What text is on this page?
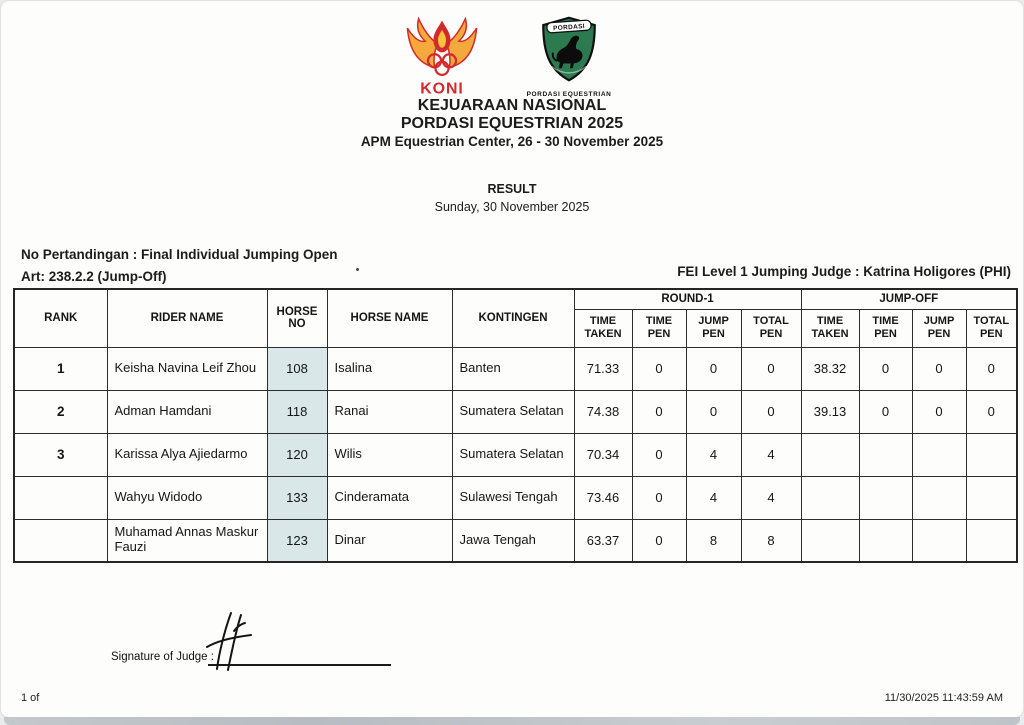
KONI
PORDASI
PORDASI EQUESTRIAN
KEJUARAAN NASIONAL
PORDASI EQUESTRIAN 2025
APM Equestrian Center, 26 - 30 November 2025
RESULT
Sunday, 30 November 2025
No Pertandingan : Final Individual Jumping Open
Art: 238.2.2 (Jump-Off)	FEI Level 1 Jumping Judge : Katrina Holigores (PHI)
RANK	RIDER NAME	HORSE NO	HORSE NAME	KONTINGEN	ROUND-1				JUMP-OFF			
					TIME TAKEN	TIME PEN	JUMP PEN	TOTAL PEN	TIME TAKEN	TIME PEN	JUMP PEN	TOTAL PEN
1	Keisha Navina Leif Zhou	108	Isalina	Banten	71.33	0	0	0	38.32	0	0	0
2	Adman Hamdani	118	Ranai	Sumatera Selatan	74.38	0	0	0	39.13	0	0	0
3	Karissa Alya Ajiedarmo	120	Wilis	Sumatera Selatan	70.34	0	4	4				
	Wahyu Widodo	133	Cinderamata	Sulawesi Tengah	73.46	0	4	4				
	Muhamad Annas Maskur Fauzi	123	Dinar	Jawa Tengah	63.37	0	8	8				
Signature of Judge :
1 of	11/30/2025 11:43:59 AM
